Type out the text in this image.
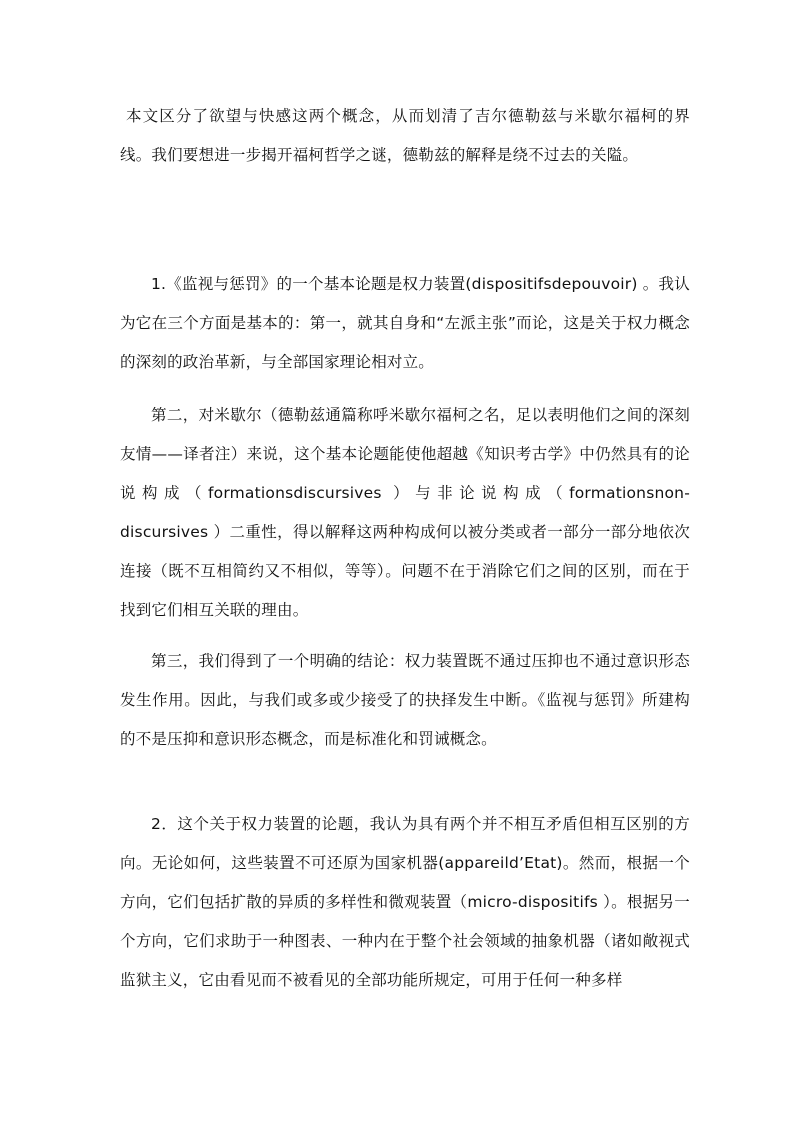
本文区分了欲望与快感这两个概念，从而划清了吉尔德勒兹与米歇尔福柯的界线。我们要想进一步揭开福柯哲学之谜，德勒兹的解释是绕不过去的关隘。

1.《监视与惩罚》的一个基本论题是权力装置(dispositifsdepouvoir) 。我认为它在三个方面是基本的：第一，就其自身和“左派主张”而论，这是关于权力概念的深刻的政治革新，与全部国家理论相对立。

第二，对米歇尔（德勒兹通篇称呼米歇尔福柯之名，足以表明他们之间的深刻友情——译者注）来说，这个基本论题能使他超越《知识考古学》中仍然具有的论说构成（formationsdiscursives ）与非论说构成（formationsnon-discursives ）二重性，得以解释这两种构成何以被分类或者一部分一部分地依次连接（既不互相简约又不相似，等等）。问题不在于消除它们之间的区别，而在于找到它们相互关联的理由。

第三，我们得到了一个明确的结论：权力装置既不通过压抑也不通过意识形态发生作用。因此，与我们或多或少接受了的抉择发生中断。《监视与惩罚》所建构的不是压抑和意识形态概念，而是标准化和罚诫概念。

2．这个关于权力装置的论题，我认为具有两个并不相互矛盾但相互区别的方向。无论如何，这些装置不可还原为国家机器(appareild’Etat)。然而，根据一个方向，它们包括扩散的异质的多样性和微观装置（micro-dispositifs ）。根据另一个方向，它们求助于一种图表、一种内在于整个社会领域的抽象机器（诸如敞视式监狱主义，它由看见而不被看见的全部功能所规定，可用于任何一种多样
